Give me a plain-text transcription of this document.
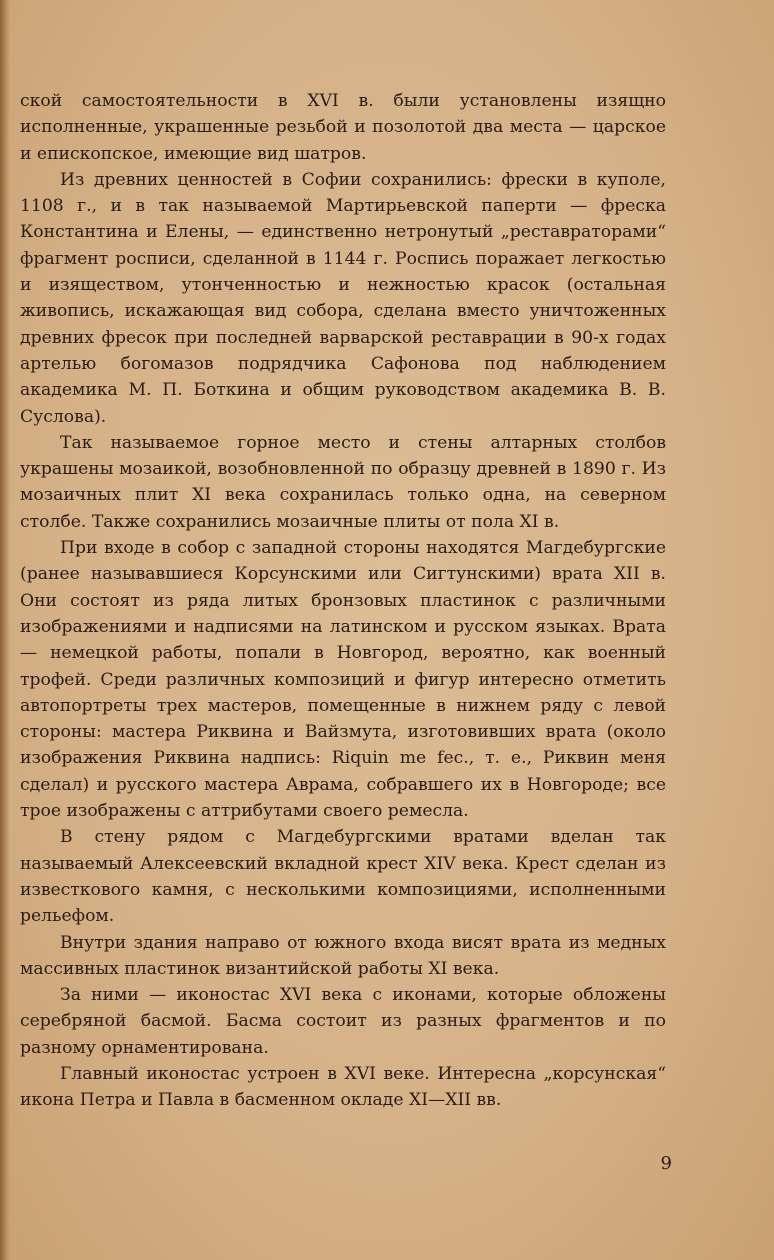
ской самостоятельности в XVI в. были установлены изящно исполненные, украшенные резьбой и позолотой два места — царское и епископское, имеющие вид шатров.

Из древних ценностей в Софии сохранились: фрески в куполе, 1108 г., и в так называемой Мартирьевской паперти — фреска Константина и Елены, — единственно нетронутый „реставраторами“ фрагмент росписи, сделанной в 1144 г. Роспись поражает легкостью и изяществом, утонченностью и нежностью красок (остальная живопись, искажающая вид собора, сделана вместо уничтоженных древних фресок при последней варварской реставрации в 90-х годах артелью богомазов подрядчика Сафонова под наблюдением академика М. П. Боткина и общим руководством академика В. В. Суслова).

Так называемое горное место и стены алтарных столбов украшены мозаикой, возобновленной по образцу древней в 1890 г. Из мозаичных плит XI века сохранилась только одна, на северном столбе. Также сохранились мозаичные плиты от пола XI в.

При входе в собор с западной стороны находятся Магдебургские (ранее называвшиеся Корсунскими или Сигтунскими) врата XII в. Они состоят из ряда литых бронзовых пластинок с различными изображениями и надписями на латинском и русском языках. Врата — немецкой работы, попали в Новгород, вероятно, как военный трофей. Среди различных композиций и фигур интересно отметить автопортреты трех мастеров, помещенные в нижнем ряду с левой стороны: мастера Риквина и Вайзмута, изготовивших врата (около изображения Риквина надпись: Riquin me fec., т. е., Риквин меня сделал) и русского мастера Аврама, собравшего их в Новгороде; все трое изображены с аттрибутами своего ремесла.

В стену рядом с Магдебургскими вратами вделан так называемый Алексеевский вкладной крест XIV века. Крест сделан из известкового камня, с несколькими композициями, исполненными рельефом.

Внутри здания направо от южного входа висят врата из медных массивных пластинок византийской работы XI века.

За ними — иконостас XVI века с иконами, которые обложены серебряной басмой. Басма состоит из разных фрагментов и по разному орнаментирована.

Главный иконостас устроен в XVI веке. Интересна „корсунская“ икона Петра и Павла в басменном окладе XI—XII вв.

9
